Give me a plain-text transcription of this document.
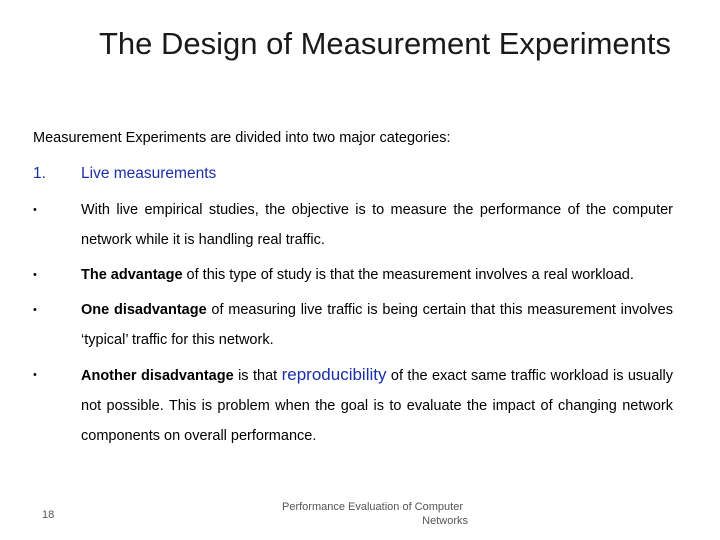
The Design of Measurement Experiments
Measurement Experiments are divided into two major categories:
1.	Live measurements
•	With live empirical studies, the objective is to measure the performance of the computer network while it is handling real traffic.
•	The advantage of this type of study is that the measurement involves a real workload.
•	One disadvantage of measuring live traffic is being certain that this measurement involves ‘typical’ traffic for this network.
•	Another disadvantage is that reproducibility of the exact same traffic workload is usually not possible. This is problem when the goal is to evaluate the impact of changing network components on overall performance.
18
Performance Evaluation of Computer
Networks
